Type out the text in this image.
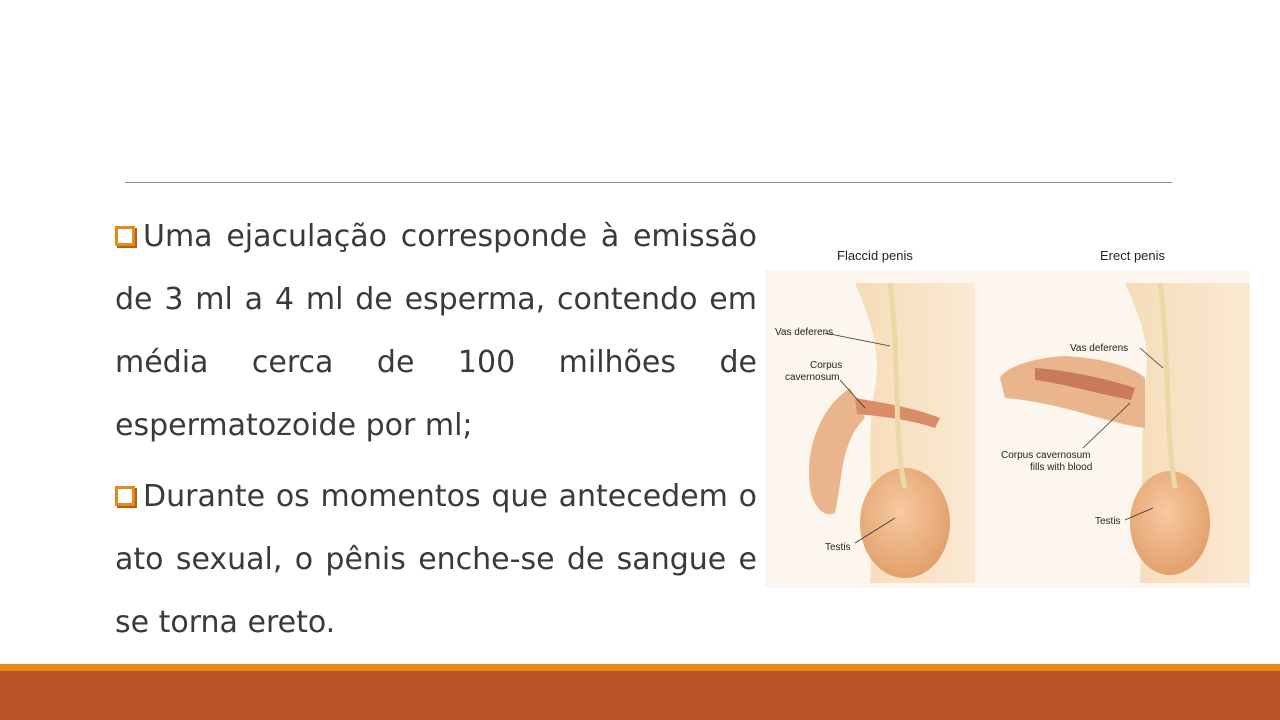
Uma ejaculação corresponde à emissão de 3 ml a 4 ml de esperma, contendo em média cerca de 100 milhões de espermatozoide por ml;

Durante os momentos que antecedem o ato sexual, o pênis enche-se de sangue e se torna ereto.

Flaccid penis
Vas deferens
Corpus
cavernosum
Testis
Erect penis
Vas deferens
Corpus cavernosum
fills with blood
Testis
